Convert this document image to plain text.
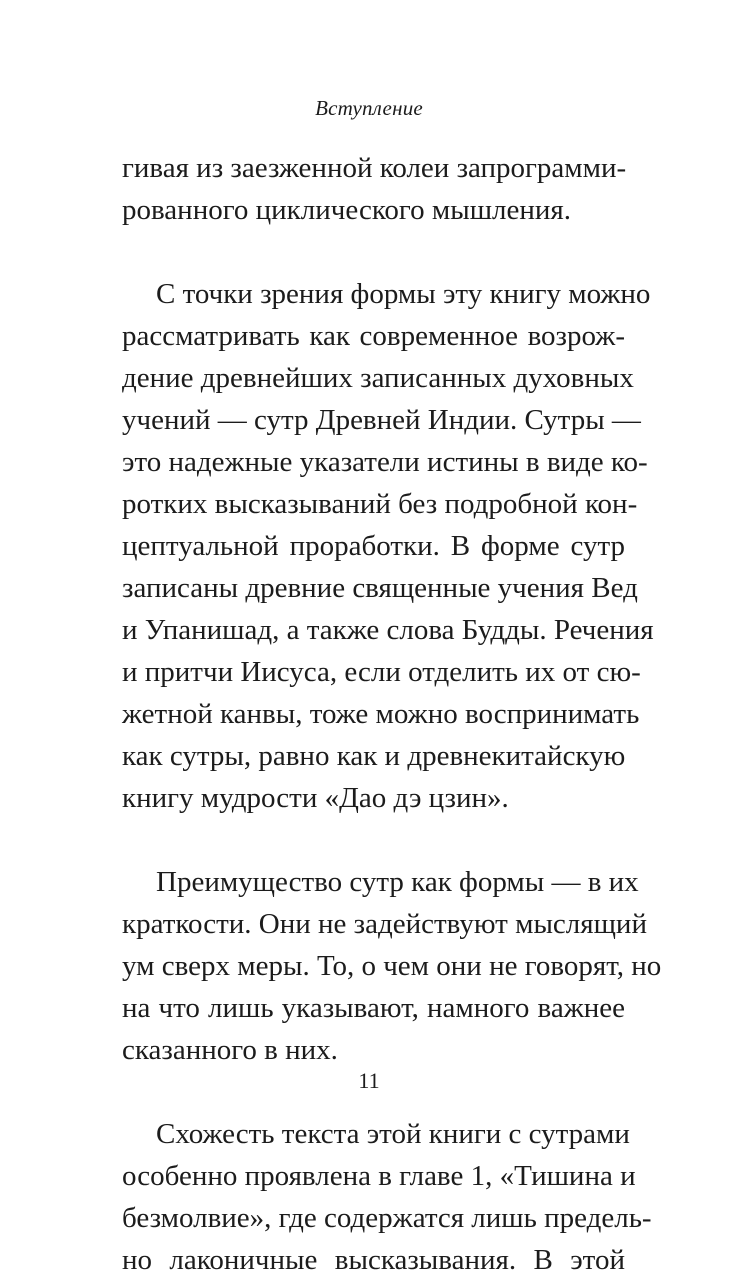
Вступление
гивая из заезженной колеи запрограмми-
рованного циклического мышления.
С точки зрения формы эту книгу можно
рассматривать как современное возрож-
дение древнейших записанных духовных
учений — сутр Древней Индии. Сутры —
это надежные указатели истины в виде ко-
ротких высказываний без подробной кон-
цептуальной проработки. В форме сутр
записаны древние священные учения Вед
и Упанишад, а также слова Будды. Речения
и притчи Иисуса, если отделить их от сю-
жетной канвы, тоже можно воспринимать
как сутры, равно как и древнекитайскую
книгу мудрости «Дао дэ цзин».
Преимущество сутр как формы — в их
краткости. Они не задействуют мыслящий
ум сверх меры. То, о чем они не говорят, но
на что лишь указывают, намного важнее
сказанного в них.
Схожесть текста этой книги с сутрами
особенно проявлена в главе 1, «Тишина и
безмолвие», где содержатся лишь предель-
но лаконичные высказывания. В этой
11
